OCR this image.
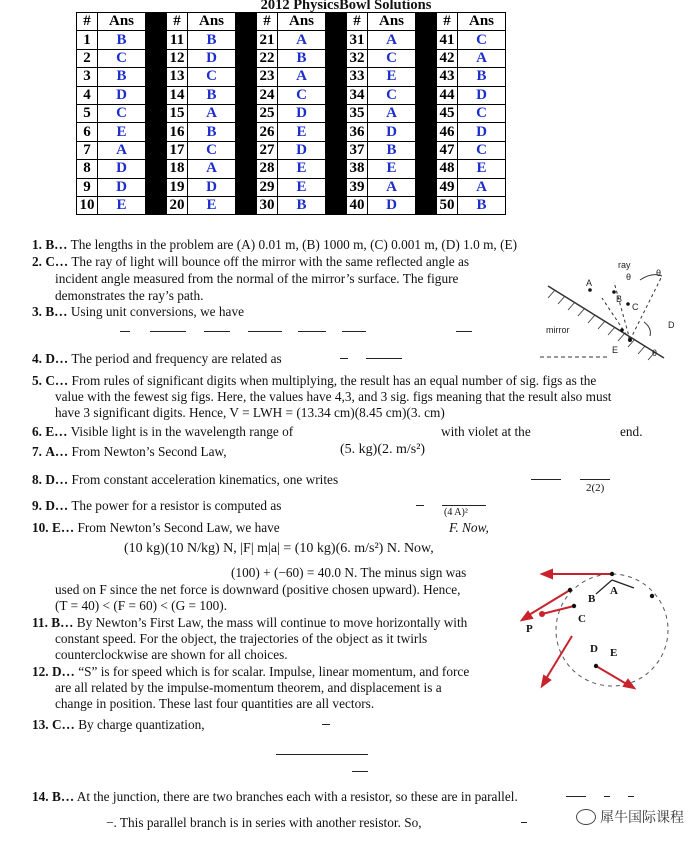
2012 PhysicsBowl Solutions
#	Ans		#	Ans		#	Ans		#	Ans		#	Ans
1	B		11	B		21	A		31	A		41	C
2	C		12	D		22	B		32	C		42	A
3	B		13	C		23	A		33	E		43	B
4	D		14	B		24	C		34	C		44	D
5	C		15	A		25	D		35	A		45	C
6	E		16	B		26	E		36	D		46	D
7	A		17	C		27	D		37	B		47	C
8	D		18	A		28	E		38	E		48	E
9	D		19	D		29	E		39	A		49	A
10	E		20	E		30	B		40	D		50	B
1. B… The lengths in the problem are (A) 0.01 m, (B) 1000 m, (C) 0.001 m, (D) 1.0 m, (E)
2. C… The ray of light will bounce off the mirror with the same reflected angle as
incident angle measured from the normal of the mirror’s surface. The figure
demonstrates the ray’s path.
3. B… Using unit conversions, we have
4. D… The period and frequency are related as
5. C… From rules of significant digits when multiplying, the result has an equal number of sig. figs as the
value with the fewest sig figs. Here, the values have 4,3, and 3 sig. figs meaning that the result also must
have 3 significant digits. Hence, V = LWH = (13.34 cm)(8.45 cm)(3. cm)
6. E… Visible light is in the wavelength range of	with violet at the	end.
7. A… From Newton’s Second Law,	(5. kg)(2. m/s²)
8. D… From constant acceleration kinematics, one writes
2(2)
9. D… The power for a resistor is computed as	(4 A)²
10. E… From Newton’s Second Law, we have	F. Now,
(10 kg)(10 N/kg) N, |F| m|a| = (10 kg)(6. m/s²) N. Now,
(100) + (−60) = 40.0 N. The minus sign was
used on F since the net force is downward (positive chosen upward). Hence,
(T = 40) < (F = 60) < (G = 100).
11. B… By Newton’s First Law, the mass will continue to move horizontally with
constant speed. For the object, the trajectories of the object as it twirls
counterclockwise are shown for all choices.
12. D… “S” is for speed which is for scalar. Impulse, linear momentum, and force
are all related by the impulse-momentum theorem, and displacement is a
change in position. These last four quantities are all vectors.
13. C… By charge quantization,
14. B… At the junction, there are two branches each with a resistor, so these are in parallel.
−. This parallel branch is in series with another resistor. So,
ray
θ	θ
θ
mirror
A
B
C
D
E
A
B
C
D E
P
犀牛国际课程
